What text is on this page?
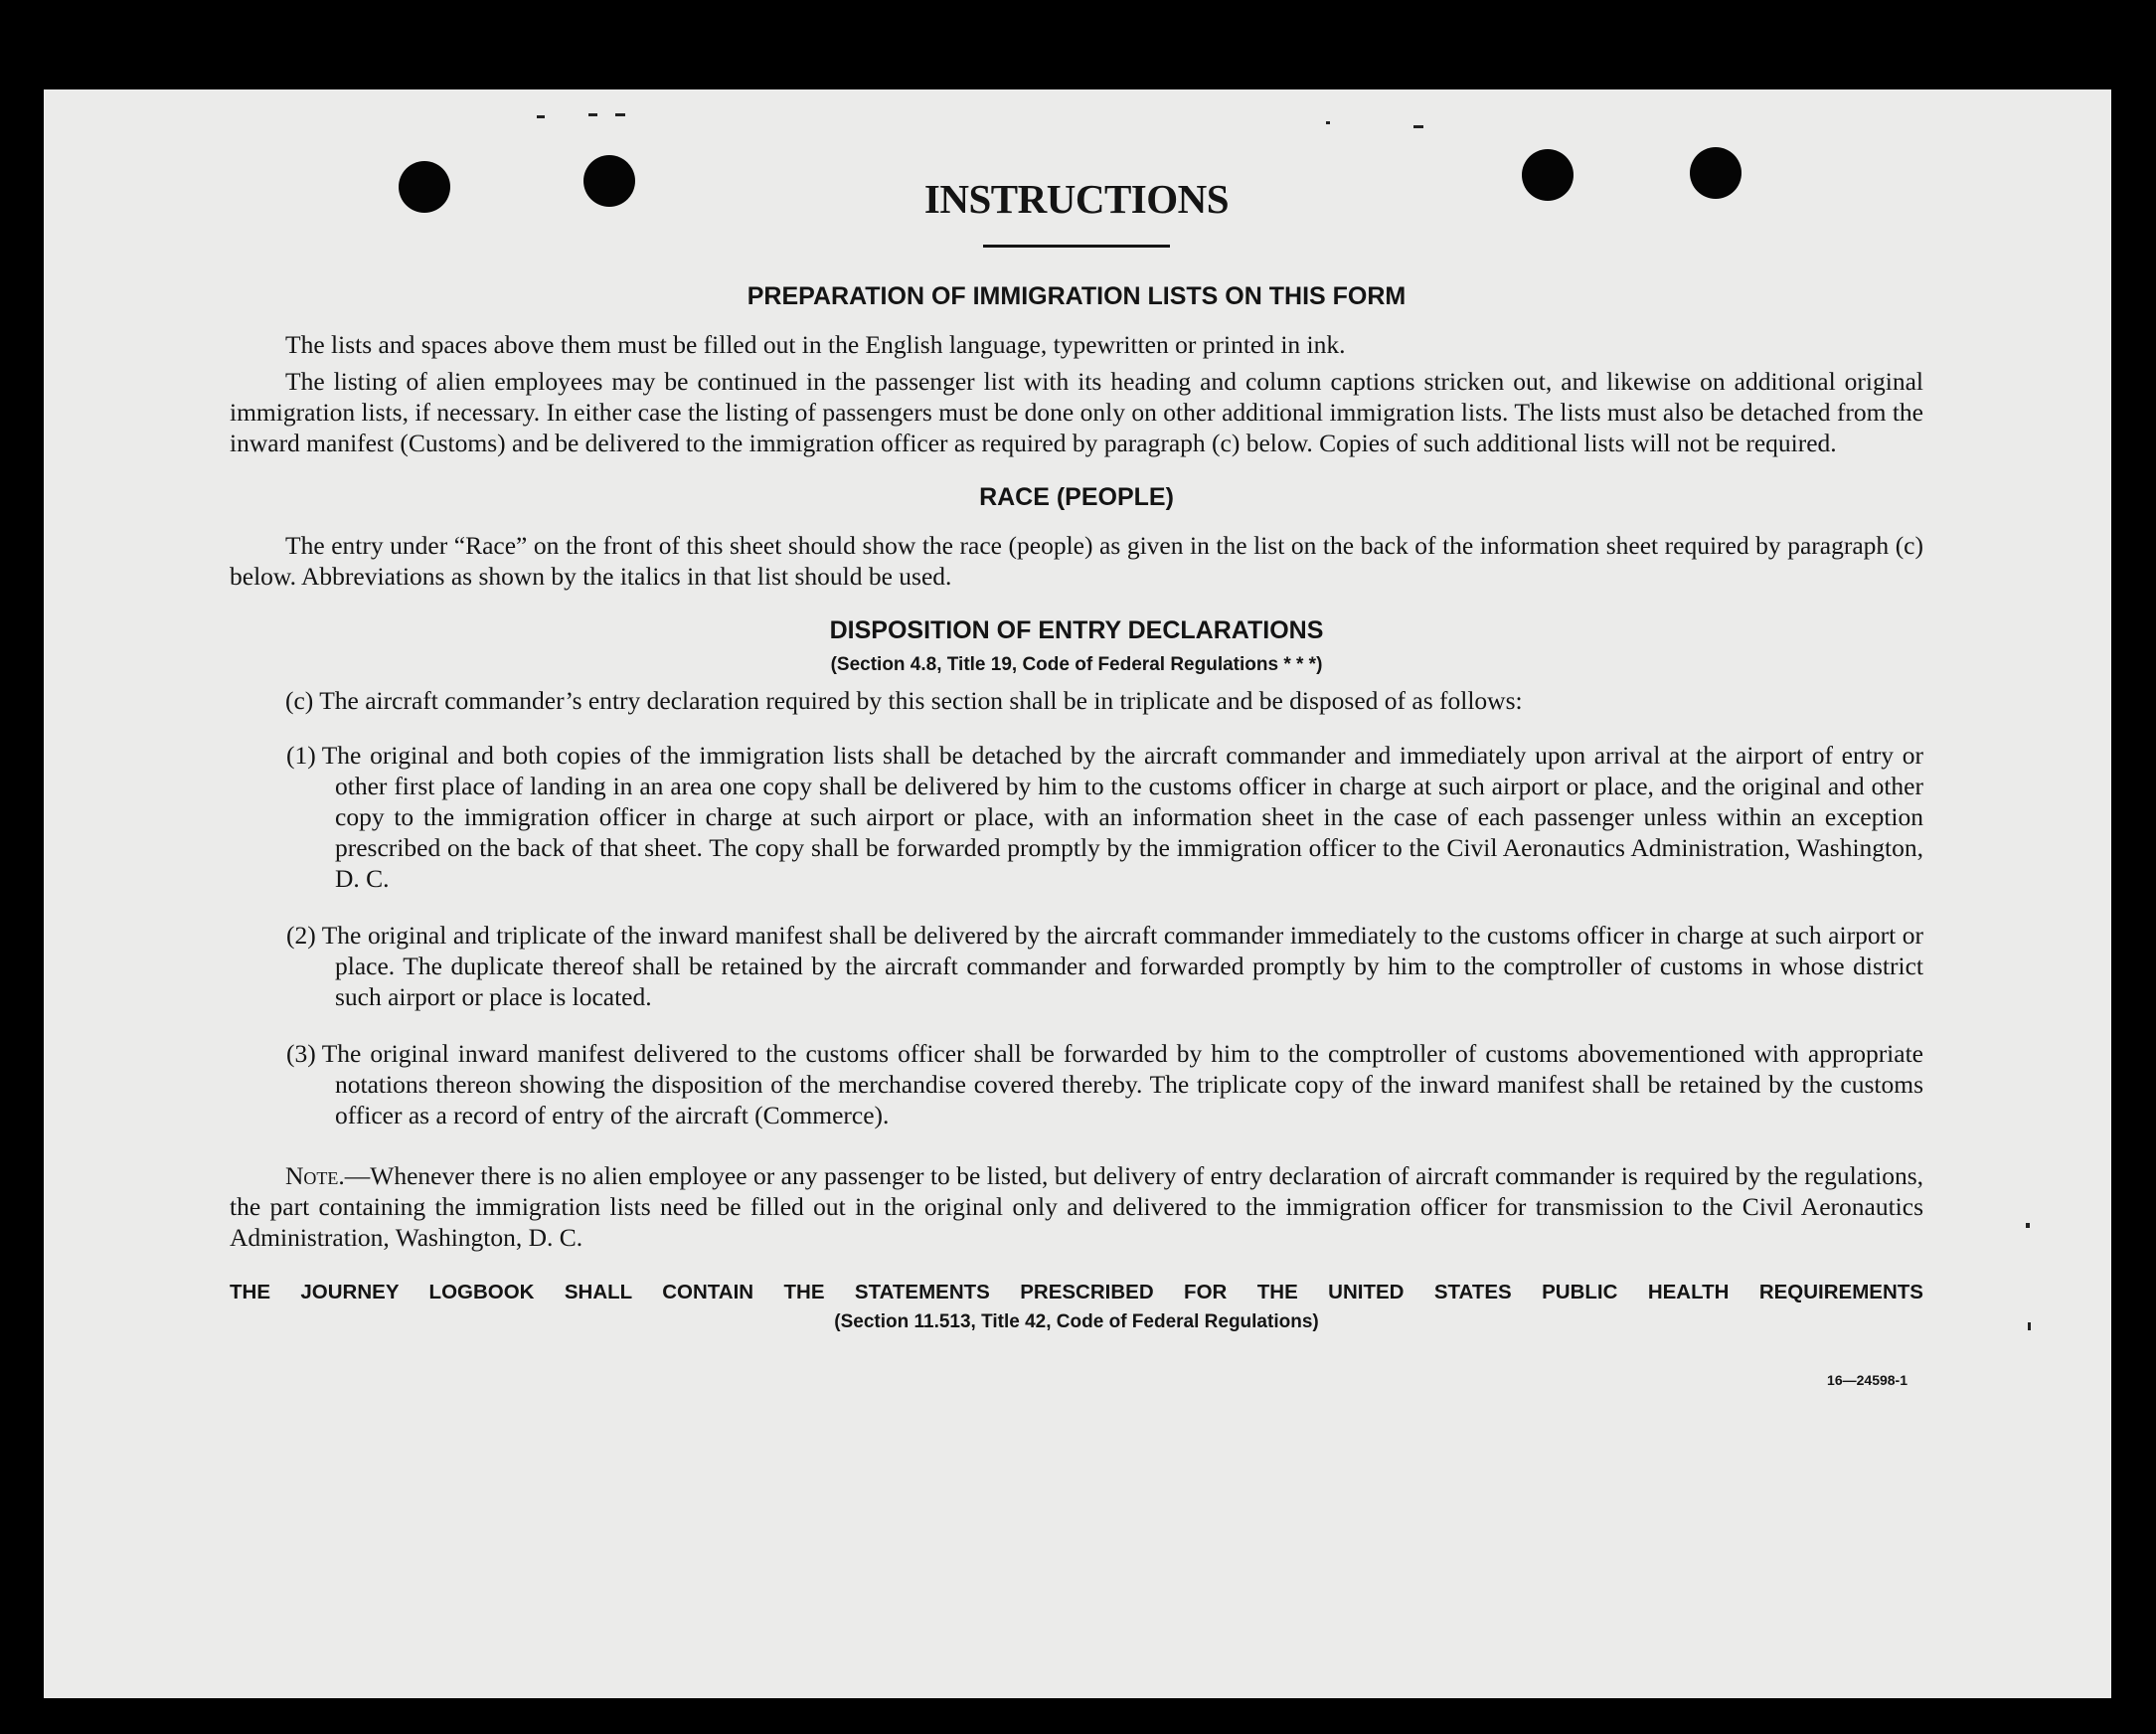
INSTRUCTIONS
PREPARATION OF IMMIGRATION LISTS ON THIS FORM

The lists and spaces above them must be filled out in the English language, typewritten or printed in ink.

The listing of alien employees may be continued in the passenger list with its heading and column captions stricken out, and likewise on additional original immigration lists, if necessary. In either case the listing of passengers must be done only on other additional immigration lists. The lists must also be detached from the inward manifest (Customs) and be delivered to the immigration officer as required by paragraph (c) below. Copies of such additional lists will not be required.

RACE (PEOPLE)

The entry under “Race” on the front of this sheet should show the race (people) as given in the list on the back of the information sheet required by paragraph (c) below. Abbreviations as shown by the italics in that list should be used.

DISPOSITION OF ENTRY DECLARATIONS
(Section 4.8, Title 19, Code of Federal Regulations * * *)

(c) The aircraft commander’s entry declaration required by this section shall be in triplicate and be disposed of as follows:

(1) The original and both copies of the immigration lists shall be detached by the aircraft commander and immediately upon arrival at the airport of entry or other first place of landing in an area one copy shall be delivered by him to the customs officer in charge at such airport or place, and the original and other copy to the immigration officer in charge at such airport or place, with an information sheet in the case of each passenger unless within an exception prescribed on the back of that sheet. The copy shall be forwarded promptly by the immigration officer to the Civil Aeronautics Administration, Washington, D. C.

(2) The original and triplicate of the inward manifest shall be delivered by the aircraft commander immediately to the customs officer in charge at such airport or place. The duplicate thereof shall be retained by the aircraft commander and forwarded promptly by him to the comptroller of customs in whose district such airport or place is located.

(3) The original inward manifest delivered to the customs officer shall be forwarded by him to the comptroller of customs abovementioned with appropriate notations thereon showing the disposition of the merchandise covered thereby. The triplicate copy of the inward manifest shall be retained by the customs officer as a record of entry of the aircraft (Commerce).

Note.—Whenever there is no alien employee or any passenger to be listed, but delivery of entry declaration of aircraft commander is required by the regulations, the part containing the immigration lists need be filled out in the original only and delivered to the immigration officer for transmission to the Civil Aeronautics Administration, Washington, D. C.

THE JOURNEY LOGBOOK SHALL CONTAIN THE STATEMENTS PRESCRIBED FOR THE UNITED STATES PUBLIC HEALTH REQUIREMENTS

(Section 11.513, Title 42, Code of Federal Regulations)
16—24598-1
